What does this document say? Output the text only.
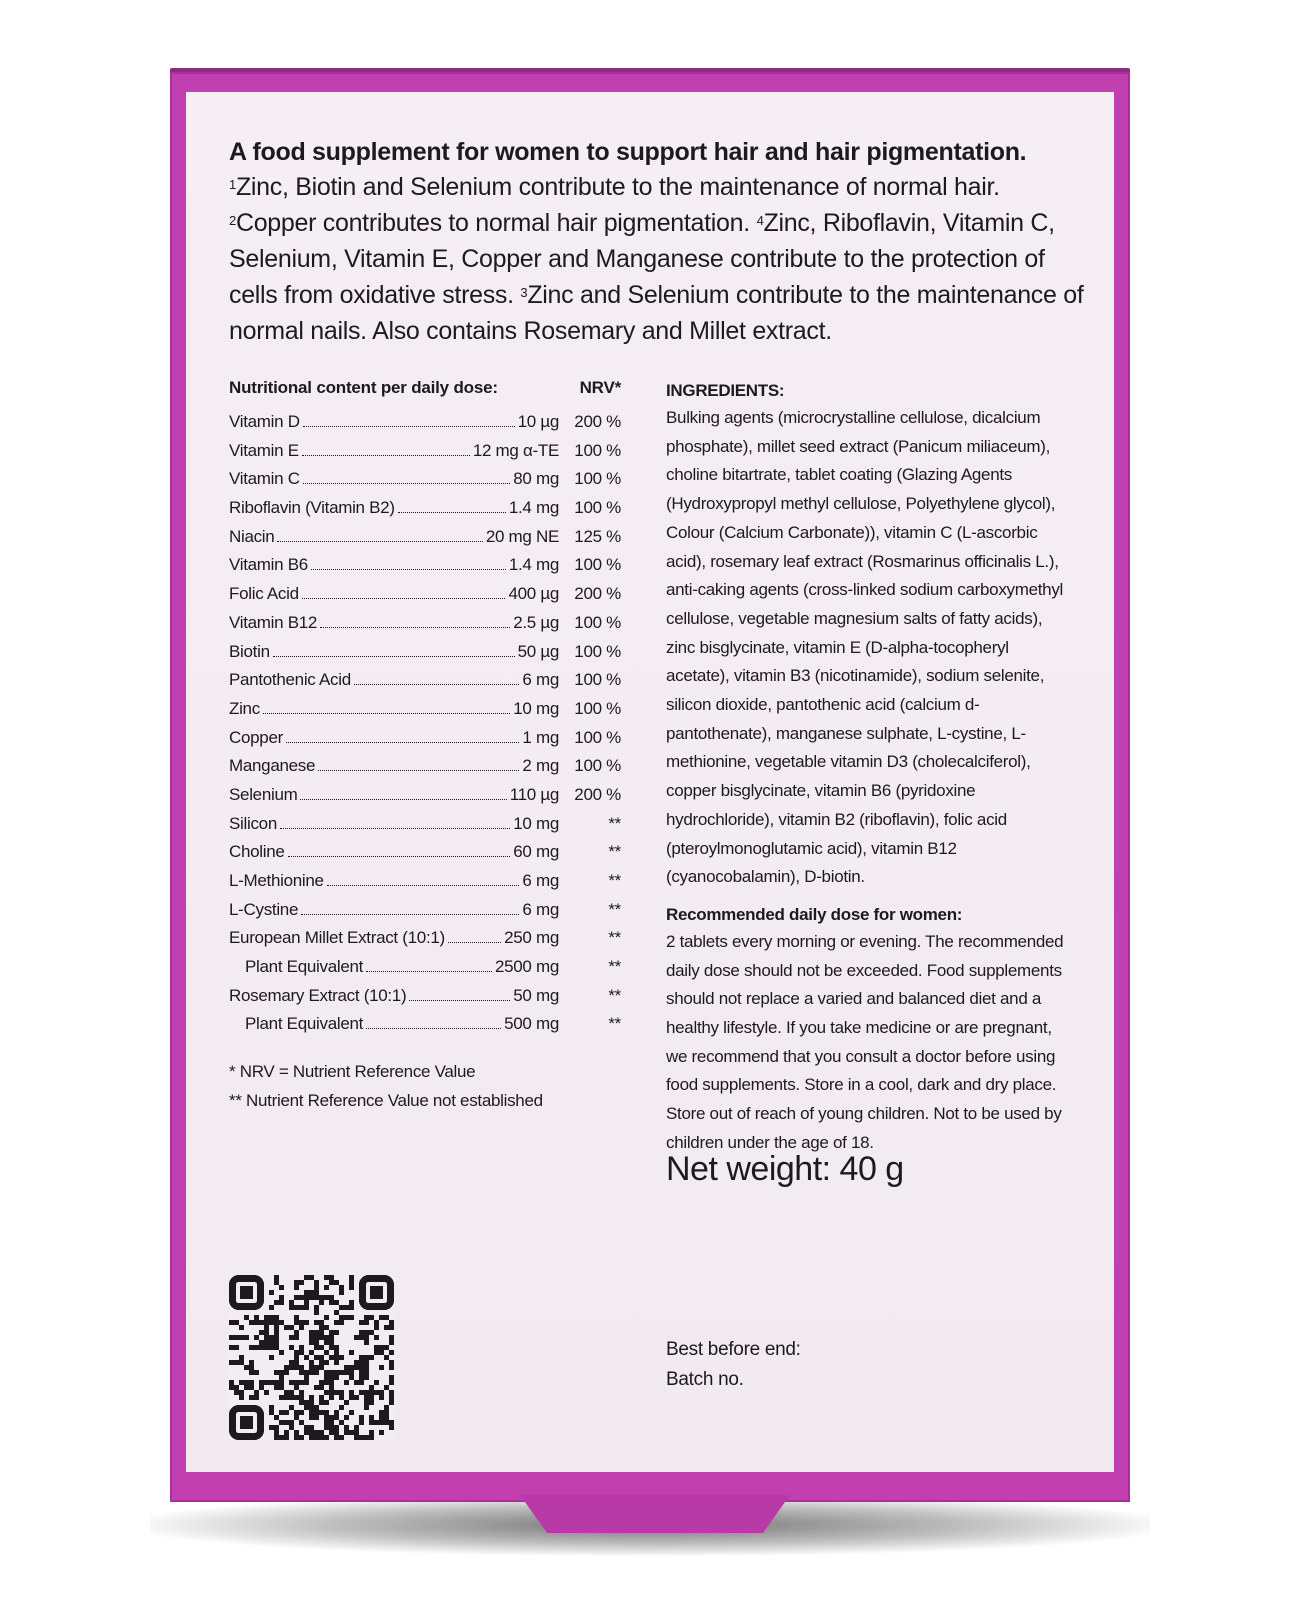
A food supplement for women to support hair and hair pigmentation.
$^1$Zinc, Biotin and Selenium contribute to the maintenance of normal hair. $^2$Copper contributes to normal hair pigmentation. $^4$Zinc, Riboflavin, Vitamin C, Selenium, Vitamin E, Copper and Manganese contribute to the protection of cells from oxidative stress. $^3$Zinc and Selenium contribute to the maintenance of normal nails. Also contains Rosemary and Millet extract.
Nutritional content per daily dose:	NRV*
Vitamin D	10 µg 200 %
Vitamin E	12 mg α-TE 100 %
Vitamin C	80 mg 100 %
Riboflavin (Vitamin B2)	1.4 mg 100 %
Niacin	20 mg NE 125 %
Vitamin B6	1.4 mg 100 %
Folic Acid	400 µg 200 %
Vitamin B12	2.5 µg 100 %
Biotin	50 µg 100 %
Pantothenic Acid	6 mg 100 %
Zinc	10 mg 100 %
Copper	1 mg 100 %
Manganese	2 mg 100 %
Selenium	110 µg 200 %
Silicon	10 mg	**
Choline	60 mg	**
L-Methionine	6 mg	**
L-Cystine	6 mg	**
European Millet Extract (10:1)	250 mg	**
Plant Equivalent	2500 mg	**
Rosemary Extract (10:1)	50 mg	**
Plant Equivalent	500 mg	**
* NRV = Nutrient Reference Value
** Nutrient Reference Value not established
INGREDIENTS:

Bulking agents (microcrystalline cellulose, dicalcium phosphate), millet seed extract (Panicum miliaceum), choline bitartrate, tablet coating (Glazing Agents (Hydroxypropyl methyl cellulose, Polyethylene glycol), Colour (Calcium Carbonate)), vitamin C (L-ascorbic acid), rosemary leaf extract (Rosmarinus officinalis L.), anti-caking agents (cross-linked sodium carboxymethyl cellulose, vegetable magnesium salts of fatty acids), zinc bisglycinate, vitamin E (D-alpha-tocopheryl acetate), vitamin B3 (nicotinamide), sodium selenite, silicon dioxide, pantothenic acid (calcium d-pantothenate), manganese sulphate, L-cystine, L-methionine, vegetable vitamin D3 (cholecalciferol), copper bisglycinate, vitamin B6 (pyridoxine hydrochloride), vitamin B2 (riboflavin), folic acid (pteroylmonoglutamic acid), vitamin B12 (cyanocobalamin), D-biotin.

Recommended daily dose for women:

2 tablets every morning or evening. The recommended daily dose should not be exceeded. Food supplements should not replace a varied and balanced diet and a healthy lifestyle. If you take medicine or are pregnant, we recommend that you consult a doctor before using food supplements. Store in a cool, dark and dry place. Store out of reach of young children. Not to be used by children under the age of 18.

Net weight: 40 g
Best before end:
Batch no.
